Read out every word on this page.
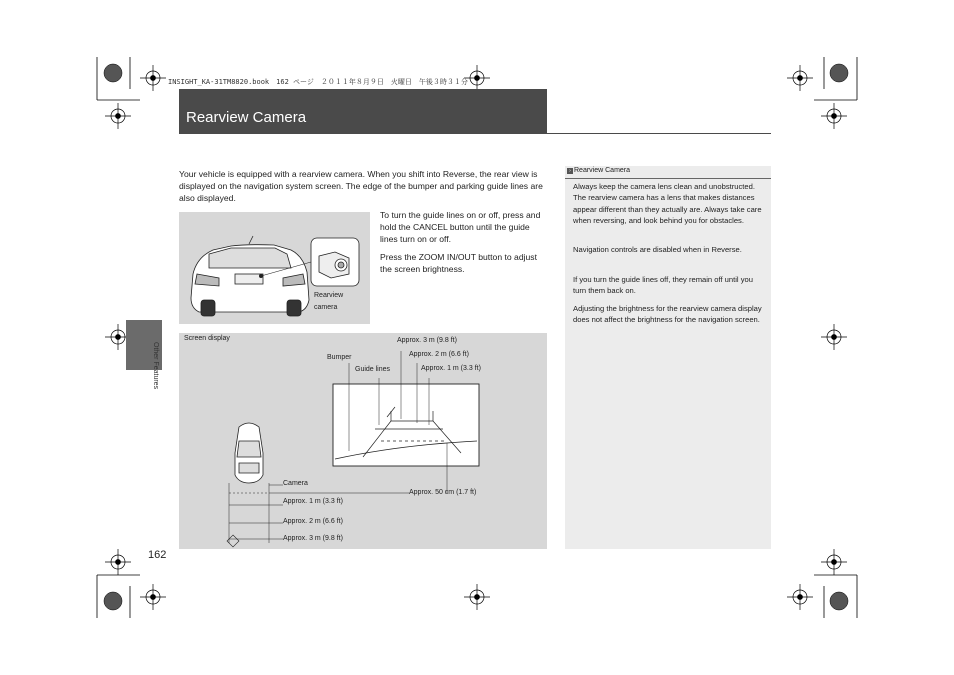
INSIGHT_KA-31TM8820.book　162 ページ　２０１１年８月９日　火曜日　午後３時３１分
Rearview Camera
Other Features
162
Your vehicle is equipped with a rearview camera. When you shift into Reverse, the rear view is displayed on the navigation system screen. The edge of the bumper and parking guide lines are also displayed.
Rearview
camera
To turn the guide lines on or off, press and hold the CANCEL button until the guide lines turn on or off.
Press the ZOOM IN/OUT button to adjust the screen brightness.
Screen display
Bumper
Guide lines
Approx. 3 m (9.8 ft)
Approx. 2 m (6.6 ft)
Approx. 1 m (3.3 ft)
Camera
Approx. 50 cm (1.7 ft)
Approx. 1 m (3.3 ft)
Approx. 2 m (6.6 ft)
Approx. 3 m (9.8 ft)
› Rearview Camera
Always keep the camera lens clean and unobstructed. The rearview camera has a lens that makes distances appear different than they actually are. Always take care when reversing, and look behind you for obstacles.
Navigation controls are disabled when in Reverse.
If you turn the guide lines off, they remain off until you turn them back on.
Adjusting the brightness for the rearview camera display does not affect the brightness for the navigation screen.
